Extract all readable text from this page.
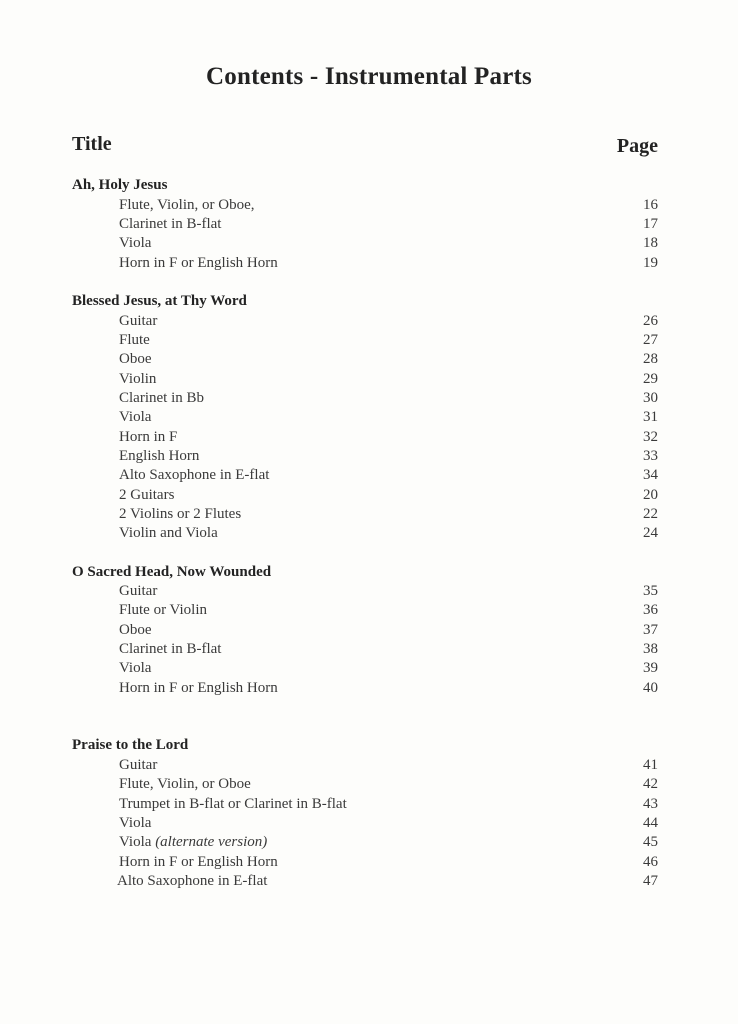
Contents - Instrumental Parts
Title	Page
Ah, Holy Jesus
Flute, Violin, or Oboe,	16
Clarinet in B-flat	17
Viola	18
Horn in F or English Horn	19
Blessed Jesus, at Thy Word
Guitar	26
Flute	27
Oboe	28
Violin	29
Clarinet in Bb	30
Viola	31
Horn in F	32
English Horn	33
Alto Saxophone in E-flat	34
2 Guitars	20
2 Violins or 2 Flutes	22
Violin and Viola	24
O Sacred Head, Now Wounded
Guitar	35
Flute or Violin	36
Oboe	37
Clarinet in B-flat	38
Viola	39
Horn in F or English Horn	40
Praise to the Lord
Guitar	41
Flute, Violin, or Oboe	42
Trumpet in B-flat or Clarinet in B-flat	43
Viola	44
Viola (alternate version)	45
Horn in F or English Horn	46
Alto Saxophone in E-flat	47
